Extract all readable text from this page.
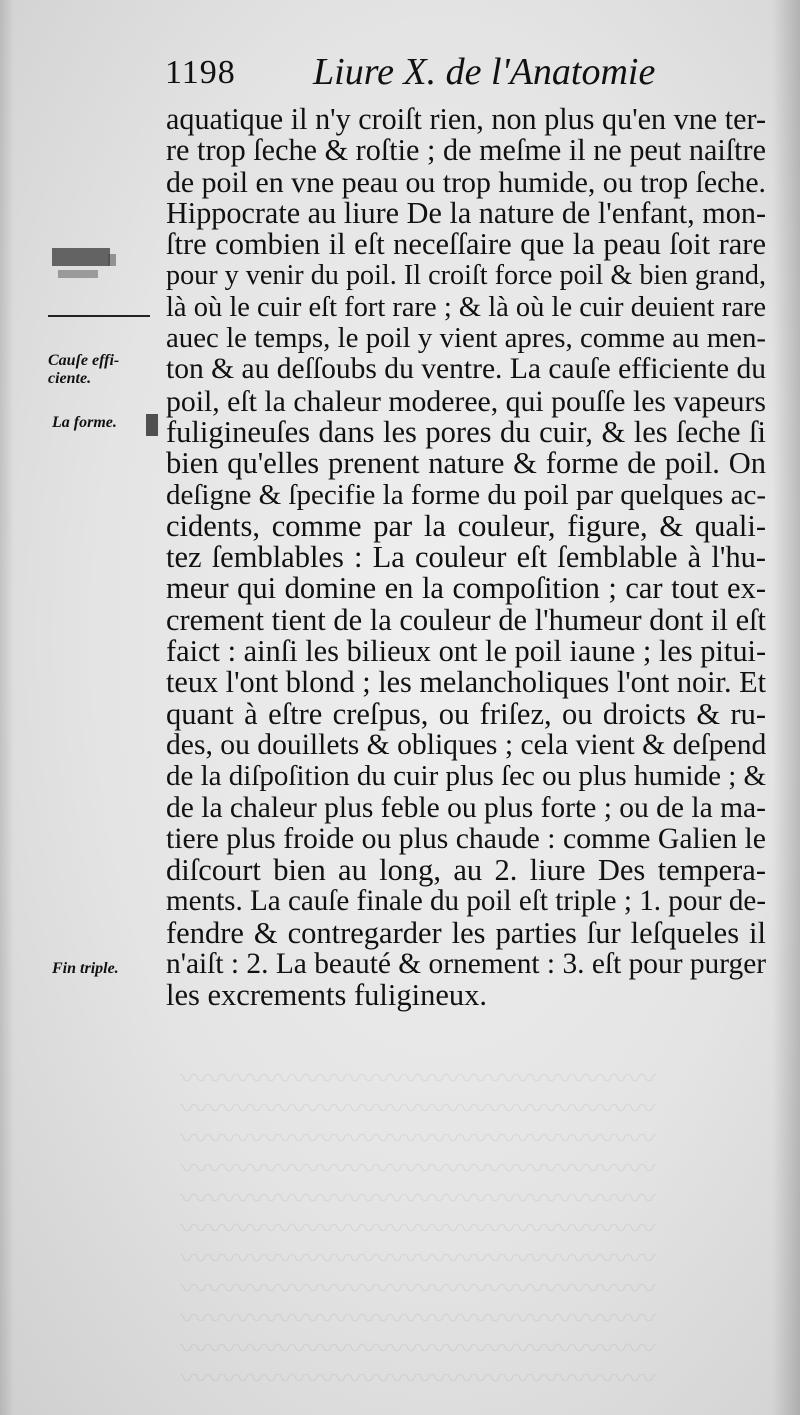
〰〰〰〰〰〰〰〰〰〰〰〰〰〰〰〰〰
〰〰〰〰〰〰〰〰〰〰〰〰〰〰〰〰〰
〰〰〰〰〰〰〰〰〰〰〰〰〰〰〰〰〰
〰〰〰〰〰〰〰〰〰〰〰〰〰〰〰〰〰
〰〰〰〰〰〰〰〰〰〰〰〰〰〰〰〰〰
〰〰〰〰〰〰〰〰〰〰〰〰〰〰〰〰〰
〰〰〰〰〰〰〰〰〰〰〰〰〰〰〰〰〰
〰〰〰〰〰〰〰〰〰〰〰〰〰〰〰〰〰
〰〰〰〰〰〰〰〰〰〰〰〰〰〰〰〰〰
〰〰〰〰〰〰〰〰〰〰〰〰〰〰〰〰〰
〰〰〰〰〰〰〰〰〰〰〰〰〰〰〰〰〰
1198 Liure X. de l'Anatomie
Cauſe effi-
ciente.
La forme.
Fin triple.
aquatique il n'y croiſt rien, non plus qu'en vne ter-
re trop ſeche & roſtie ; de meſme il ne peut naiſtre
de poil en vne peau ou trop humide, ou trop ſeche.
Hippocrate au liure De la nature de l'enfant, mon-
ſtre combien il eſt neceſſaire que la peau ſoit rare
pour y venir du poil. Il croiſt force poil & bien grand,
là où le cuir eſt fort rare ; & là où le cuir deuient rare
auec le temps, le poil y vient apres, comme au men-
ton & au deſſoubs du ventre. La cauſe efficiente du
poil, eſt la chaleur moderee, qui pouſſe les vapeurs
fuligineuſes dans les pores du cuir, & les ſeche ſi
bien qu'elles prenent nature & forme de poil. On
deſigne & ſpecifie la forme du poil par quelques ac-
cidents, comme par la couleur, figure, & quali-
tez ſemblables : La couleur eſt ſemblable à l'hu-
meur qui domine en la compoſition ; car tout ex-
crement tient de la couleur de l'humeur dont il eſt
faict : ainſi les bilieux ont le poil iaune ; les pitui-
teux l'ont blond ; les melancholiques l'ont noir. Et
quant à eſtre creſpus, ou friſez, ou droicts & ru-
des, ou douillets & obliques ; cela vient & deſpend
de la diſpoſition du cuir plus ſec ou plus humide ; &
de la chaleur plus feble ou plus forte ; ou de la ma-
tiere plus froide ou plus chaude : comme Galien le
diſcourt bien au long, au 2. liure Des tempera-
ments. La cauſe finale du poil eſt triple ; 1. pour de-
fendre & contregarder les parties ſur leſqueles il
n'aiſt : 2. La beauté & ornement : 3. eſt pour purger
les excrements fuligineux.
